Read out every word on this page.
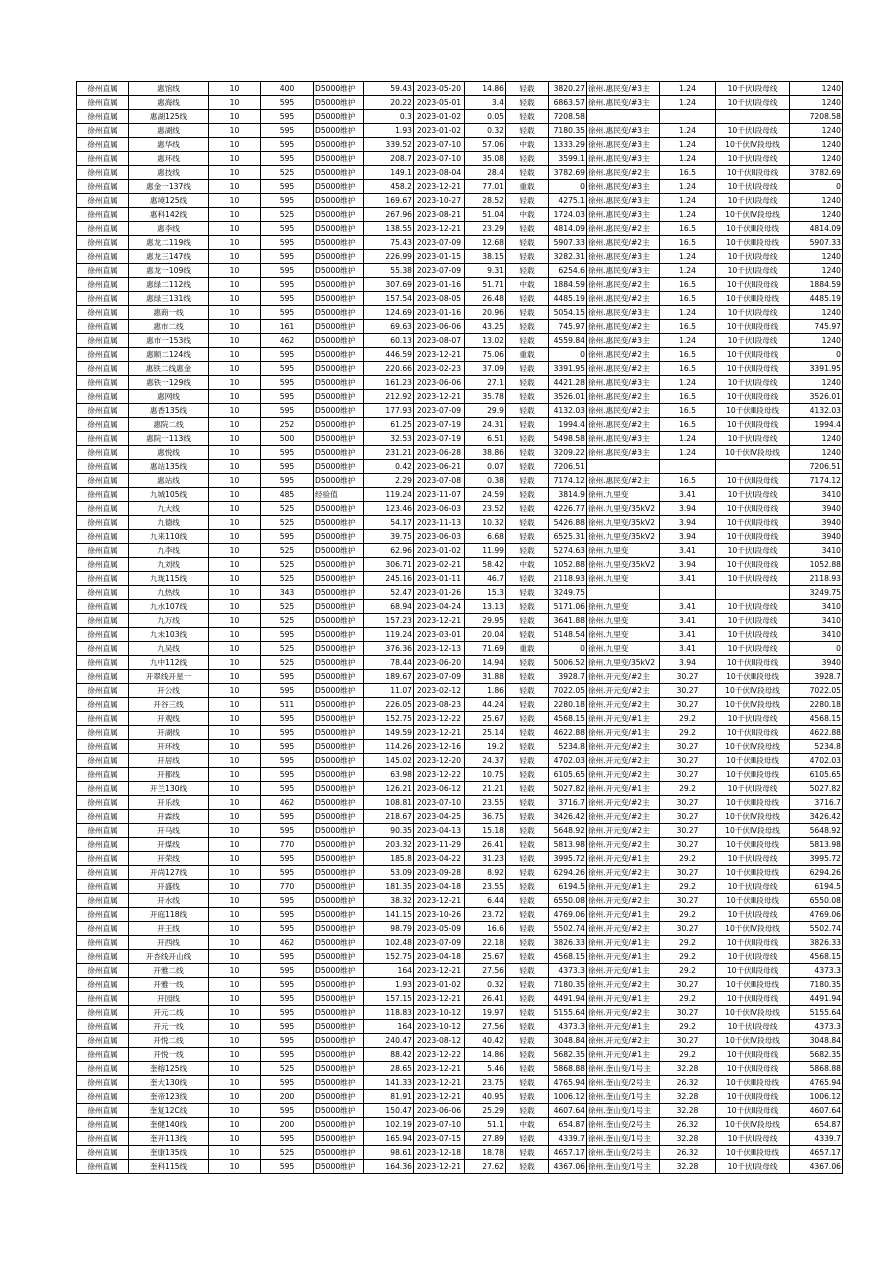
徐州直属	惠馆线	10	400	D5000维护	59.43	2023-05-20	14.86	轻载	3820.27	徐州.惠民变/#3主	1.24	10千伏Ⅰ段母线	1240
徐州直属	惠海线	10	595	D5000维护	20.22	2023-05-01	3.4	轻载	6863.57	徐州.惠民变/#3主	1.24	10千伏Ⅰ段母线	1240
徐州直属	惠湖125线	10	595	D5000维护	0.3	2023-01-02	0.05	轻载	7208.58				7208.58
徐州直属	惠湖线	10	595	D5000维护	1.93	2023-01-02	0.32	轻载	7180.35	徐州.惠民变/#3主	1.24	10千伏Ⅰ段母线	1240
徐州直属	惠华线	10	595	D5000维护	339.52	2023-07-10	57.06	中载	1333.29	徐州.惠民变/#3主	1.24	10千伏Ⅳ段母线	1240
徐州直属	惠环线	10	595	D5000维护	208.7	2023-07-10	35.08	轻载	3599.1	徐州.惠民变/#3主	1.24	10千伏Ⅰ段母线	1240
徐州直属	惠技线	10	525	D5000维护	149.1	2023-08-04	28.4	轻载	3782.69	徐州.惠民变/#2主	16.5	10千伏Ⅱ段母线	3782.69
徐州直属	惠金一137线	10	595	D5000维护	458.2	2023-12-21	77.01	重载	0	徐州.惠民变/#3主	1.24	10千伏Ⅰ段母线	0
徐州直属	惠境125线	10	595	D5000维护	169.67	2023-10-27	28.52	轻载	4275.1	徐州.惠民变/#3主	1.24	10千伏Ⅰ段母线	1240
徐州直属	惠科142线	10	525	D5000维护	267.96	2023-08-21	51.04	中载	1724.03	徐州.惠民变/#3主	1.24	10千伏Ⅳ段母线	1240
徐州直属	惠李线	10	595	D5000维护	138.55	2023-12-21	23.29	轻载	4814.09	徐州.惠民变/#2主	16.5	10千伏Ⅲ段母线	4814.09
徐州直属	惠龙二119线	10	595	D5000维护	75.43	2023-07-09	12.68	轻载	5907.33	徐州.惠民变/#2主	16.5	10千伏Ⅲ段母线	5907.33
徐州直属	惠龙三147线	10	595	D5000维护	226.99	2023-01-15	38.15	轻载	3282.31	徐州.惠民变/#3主	1.24	10千伏Ⅰ段母线	1240
徐州直属	惠龙一109线	10	595	D5000维护	55.38	2023-07-09	9.31	轻载	6254.6	徐州.惠民变/#3主	1.24	10千伏Ⅰ段母线	1240
徐州直属	惠绿二112线	10	595	D5000维护	307.69	2023-01-16	51.71	中载	1884.59	徐州.惠民变/#2主	16.5	10千伏Ⅱ段母线	1884.59
徐州直属	惠绿三131线	10	595	D5000维护	157.54	2023-08-05	26.48	轻载	4485.19	徐州.惠民变/#2主	16.5	10千伏Ⅲ段母线	4485.19
徐州直属	惠商一线	10	595	D5000维护	124.69	2023-01-16	20.96	轻载	5054.15	徐州.惠民变/#3主	1.24	10千伏Ⅰ段母线	1240
徐州直属	惠市二线	10	161	D5000维护	69.63	2023-06-06	43.25	轻载	745.97	徐州.惠民变/#2主	16.5	10千伏Ⅱ段母线	745.97
徐州直属	惠市一153线	10	462	D5000维护	60.13	2023-08-07	13.02	轻载	4559.84	徐州.惠民变/#3主	1.24	10千伏Ⅰ段母线	1240
徐州直属	惠顺二124线	10	595	D5000维护	446.59	2023-12-21	75.06	重载	0	徐州.惠民变/#2主	16.5	10千伏Ⅱ段母线	0
徐州直属	惠铁二线惠金	10	595	D5000维护	220.66	2023-02-23	37.09	轻载	3391.95	徐州.惠民变/#2主	16.5	10千伏Ⅱ段母线	3391.95
徐州直属	惠铁一129线	10	595	D5000维护	161.23	2023-06-06	27.1	轻载	4421.28	徐州.惠民变/#3主	1.24	10千伏Ⅰ段母线	1240
徐州直属	惠网线	10	595	D5000维护	212.92	2023-12-21	35.78	轻载	3526.01	徐州.惠民变/#2主	16.5	10千伏Ⅱ段母线	3526.01
徐州直属	惠香135线	10	595	D5000维护	177.93	2023-07-09	29.9	轻载	4132.03	徐州.惠民变/#2主	16.5	10千伏Ⅲ段母线	4132.03
徐州直属	惠院二线	10	252	D5000维护	61.25	2023-07-19	24.31	轻载	1994.4	徐州.惠民变/#2主	16.5	10千伏Ⅱ段母线	1994.4
徐州直属	惠院一113线	10	500	D5000维护	32.53	2023-07-19	6.51	轻载	5498.58	徐州.惠民变/#3主	1.24	10千伏Ⅰ段母线	1240
徐州直属	惠悦线	10	595	D5000维护	231.21	2023-06-28	38.86	轻载	3209.22	徐州.惠民变/#3主	1.24	10千伏Ⅳ段母线	1240
徐州直属	惠站135线	10	595	D5000维护	0.42	2023-06-21	0.07	轻载	7206.51				7206.51
徐州直属	惠站线	10	595	D5000维护	2.29	2023-07-08	0.38	轻载	7174.12	徐州.惠民变/#2主	16.5	10千伏Ⅱ段母线	7174.12
徐州直属	九城105线	10	485	经验值	119.24	2023-11-07	24.59	轻载	3814.9	徐州.九里变	3.41	10千伏Ⅰ段母线	3410
徐州直属	九大线	10	525	D5000维护	123.46	2023-06-03	23.52	轻载	4226.77	徐州.九里变/35kV2	3.94	10千伏Ⅱ段母线	3940
徐州直属	九德线	10	525	D5000维护	54.17	2023-11-13	10.32	轻载	5426.88	徐州.九里变/35kV2	3.94	10千伏Ⅱ段母线	3940
徐州直属	九来110线	10	595	D5000维护	39.75	2023-06-03	6.68	轻载	6525.31	徐州.九里变/35kV2	3.94	10千伏Ⅱ段母线	3940
徐州直属	九李线	10	525	D5000维护	62.96	2023-01-02	11.99	轻载	5274.63	徐州.九里变	3.41	10千伏Ⅰ段母线	3410
徐州直属	九刘线	10	525	D5000维护	306.71	2023-02-21	58.42	中载	1052.88	徐州.九里变/35kV2	3.94	10千伏Ⅱ段母线	1052.88
徐州直属	九珑115线	10	525	D5000维护	245.16	2023-01-11	46.7	轻载	2118.93	徐州.九里变	3.41	10千伏Ⅰ段母线	2118.93
徐州直属	九热线	10	343	D5000维护	52.47	2023-01-26	15.3	轻载	3249.75				3249.75
徐州直属	九水107线	10	525	D5000维护	68.94	2023-04-24	13.13	轻载	5171.06	徐州.九里变	3.41	10千伏Ⅰ段母线	3410
徐州直属	九万线	10	525	D5000维护	157.23	2023-12-21	29.95	轻载	3641.88	徐州.九里变	3.41	10千伏Ⅰ段母线	3410
徐州直属	九未103线	10	595	D5000维护	119.24	2023-03-01	20.04	轻载	5148.54	徐州.九里变	3.41	10千伏Ⅰ段母线	3410
徐州直属	九吴线	10	525	D5000维护	376.36	2023-12-13	71.69	重载	0	徐州.九里变	3.41	10千伏Ⅰ段母线	0
徐州直属	九中112线	10	525	D5000维护	78.44	2023-06-20	14.94	轻载	5006.52	徐州.九里变/35kV2	3.94	10千伏Ⅱ段母线	3940
徐州直属	开翠线开星一	10	595	D5000维护	189.67	2023-07-09	31.88	轻载	3928.7	徐州.开元变/#2主	30.27	10千伏Ⅲ段母线	3928.7
徐州直属	开公线	10	595	D5000维护	11.07	2023-02-12	1.86	轻载	7022.05	徐州.开元变/#2主	30.27	10千伏Ⅳ段母线	7022.05
徐州直属	开谷三线	10	511	D5000维护	226.05	2023-08-23	44.24	轻载	2280.18	徐州.开元变/#2主	30.27	10千伏Ⅳ段母线	2280.18
徐州直属	开观线	10	595	D5000维护	152.75	2023-12-22	25.67	轻载	4568.15	徐州.开元变/#1主	29.2	10千伏Ⅰ段母线	4568.15
徐州直属	开湖线	10	595	D5000维护	149.59	2023-12-21	25.14	轻载	4622.88	徐州.开元变/#1主	29.2	10千伏Ⅱ段母线	4622.88
徐州直属	开环线	10	595	D5000维护	114.26	2023-12-16	19.2	轻载	5234.8	徐州.开元变/#2主	30.27	10千伏Ⅳ段母线	5234.8
徐州直属	开居线	10	595	D5000维护	145.02	2023-12-20	24.37	轻载	4702.03	徐州.开元变/#2主	30.27	10千伏Ⅲ段母线	4702.03
徐州直属	开都线	10	595	D5000维护	63.98	2023-12-22	10.75	轻载	6105.65	徐州.开元变/#2主	30.27	10千伏Ⅲ段母线	6105.65
徐州直属	开兰130线	10	595	D5000维护	126.21	2023-06-12	21.21	轻载	5027.82	徐州.开元变/#1主	29.2	10千伏Ⅰ段母线	5027.82
徐州直属	开乐线	10	462	D5000维护	108.81	2023-07-10	23.55	轻载	3716.7	徐州.开元变/#2主	30.27	10千伏Ⅲ段母线	3716.7
徐州直属	开霖线	10	595	D5000维护	218.67	2023-04-25	36.75	轻载	3426.42	徐州.开元变/#2主	30.27	10千伏Ⅳ段母线	3426.42
徐州直属	开马线	10	595	D5000维护	90.35	2023-04-13	15.18	轻载	5648.92	徐州.开元变/#2主	30.27	10千伏Ⅳ段母线	5648.92
徐州直属	开煤线	10	770	D5000维护	203.32	2023-11-29	26.41	轻载	5813.98	徐州.开元变/#2主	30.27	10千伏Ⅲ段母线	5813.98
徐州直属	开荣线	10	595	D5000维护	185.8	2023-04-22	31.23	轻载	3995.72	徐州.开元变/#1主	29.2	10千伏Ⅰ段母线	3995.72
徐州直属	开尚127线	10	595	D5000维护	53.09	2023-09-28	8.92	轻载	6294.26	徐州.开元变/#2主	30.27	10千伏Ⅲ段母线	6294.26
徐州直属	开盛线	10	770	D5000维护	181.35	2023-04-18	23.55	轻载	6194.5	徐州.开元变/#1主	29.2	10千伏Ⅰ段母线	6194.5
徐州直属	开水线	10	595	D5000维护	38.32	2023-12-21	6.44	轻载	6550.08	徐州.开元变/#2主	30.27	10千伏Ⅲ段母线	6550.08
徐州直属	开庭118线	10	595	D5000维护	141.15	2023-10-26	23.72	轻载	4769.06	徐州.开元变/#1主	29.2	10千伏Ⅰ段母线	4769.06
徐州直属	开王线	10	595	D5000维护	98.79	2023-05-09	16.6	轻载	5502.74	徐州.开元变/#2主	30.27	10千伏Ⅳ段母线	5502.74
徐州直属	开西线	10	462	D5000维护	102.48	2023-07-09	22.18	轻载	3826.33	徐州.开元变/#1主	29.2	10千伏Ⅱ段母线	3826.33
徐州直属	开杏线开山线	10	595	D5000维护	152.75	2023-04-18	25.67	轻载	4568.15	徐州.开元变/#1主	29.2	10千伏Ⅰ段母线	4568.15
徐州直属	开雅二线	10	595	D5000维护	164	2023-12-21	27.56	轻载	4373.3	徐州.开元变/#1主	29.2	10千伏Ⅱ段母线	4373.3
徐州直属	开雅一线	10	595	D5000维护	1.93	2023-01-02	0.32	轻载	7180.35	徐州.开元变/#2主	30.27	10千伏Ⅲ段母线	7180.35
徐州直属	开园线	10	595	D5000维护	157.15	2023-12-21	26.41	轻载	4491.94	徐州.开元变/#1主	29.2	10千伏Ⅱ段母线	4491.94
徐州直属	开元二线	10	595	D5000维护	118.83	2023-10-12	19.97	轻载	5155.64	徐州.开元变/#2主	30.27	10千伏Ⅳ段母线	5155.64
徐州直属	开元一线	10	595	D5000维护	164	2023-10-12	27.56	轻载	4373.3	徐州.开元变/#1主	29.2	10千伏Ⅰ段母线	4373.3
徐州直属	开悦二线	10	595	D5000维护	240.47	2023-08-12	40.42	轻载	3048.84	徐州.开元变/#2主	30.27	10千伏Ⅳ段母线	3048.84
徐州直属	开悦一线	10	595	D5000维护	88.42	2023-12-22	14.86	轻载	5682.35	徐州.开元变/#1主	29.2	10千伏Ⅱ段母线	5682.35
徐州直属	奎榕125线	10	525	D5000维护	28.65	2023-12-21	5.46	轻载	5868.88	徐州.奎山变/1号主	32.28	10千伏Ⅱ段母线	5868.88
徐州直属	奎大130线	10	595	D5000维护	141.33	2023-12-21	23.75	轻载	4765.94	徐州.奎山变/2号主	26.32	10千伏Ⅲ段母线	4765.94
徐州直属	奎帝123线	10	200	D5000维护	81.91	2023-12-21	40.95	轻载	1006.12	徐州.奎山变/1号主	32.28	10千伏Ⅱ段母线	1006.12
徐州直属	奎复12C线	10	595	D5000维护	150.47	2023-06-06	25.29	轻载	4607.64	徐州.奎山变/1号主	32.28	10千伏Ⅱ段母线	4607.64
徐州直属	奎健140线	10	200	D5000维护	102.19	2023-07-10	51.1	中载	654.87	徐州.奎山变/2号主	26.32	10千伏Ⅳ段母线	654.87
徐州直属	奎开113线	10	595	D5000维护	165.94	2023-07-15	27.89	轻载	4339.7	徐州.奎山变/1号主	32.28	10千伏Ⅰ段母线	4339.7
徐州直属	奎康135线	10	525	D5000维护	98.61	2023-12-18	18.78	轻载	4657.17	徐州.奎山变/2号主	26.32	10千伏Ⅲ段母线	4657.17
徐州直属	奎科115线	10	595	D5000维护	164.36	2023-12-21	27.62	轻载	4367.06	徐州.奎山变/1号主	32.28	10千伏Ⅰ段母线	4367.06
